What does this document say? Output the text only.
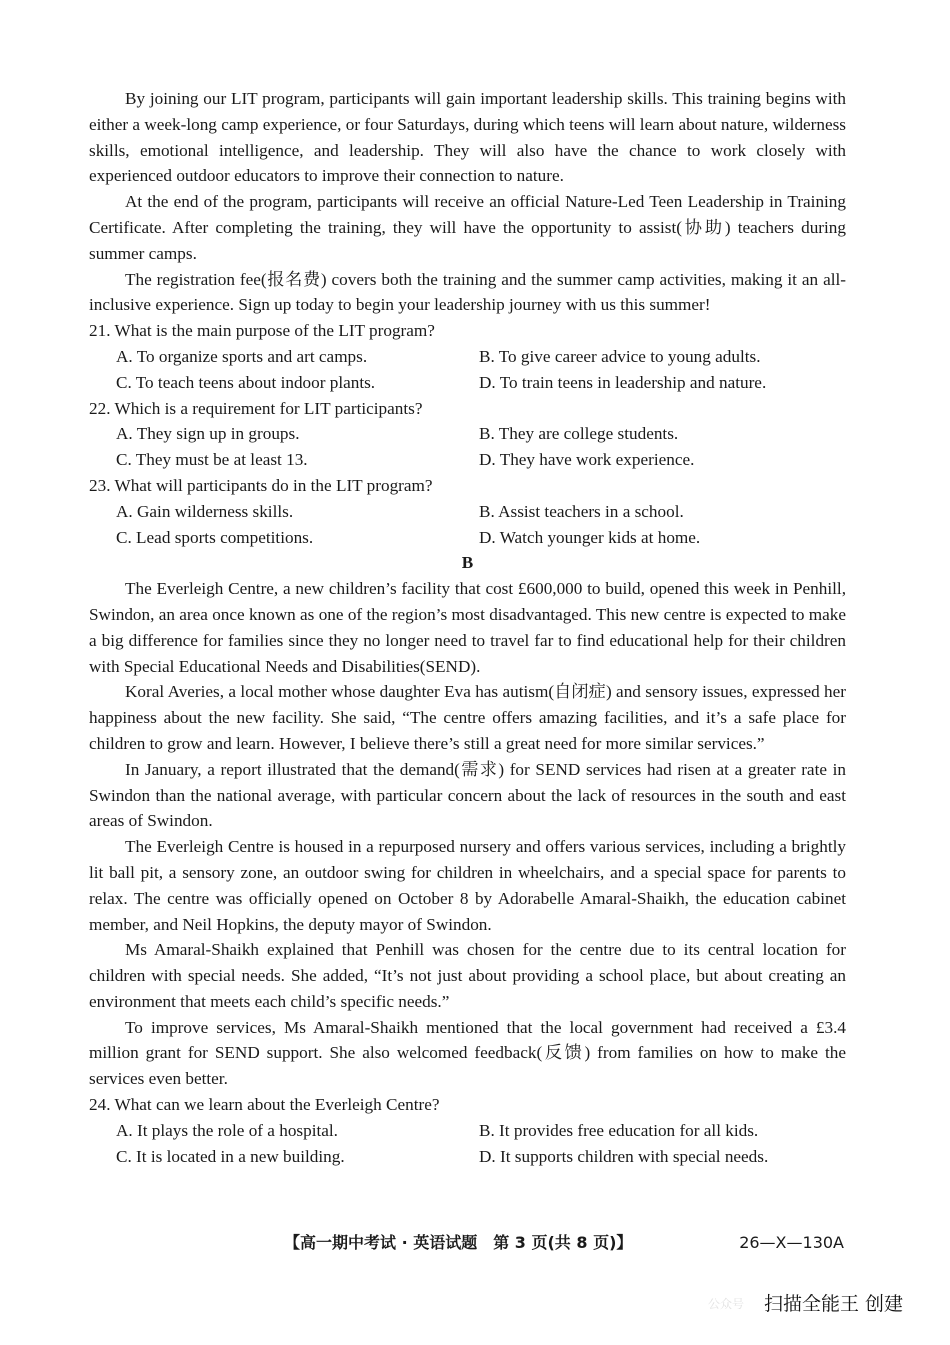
By joining our LIT program, participants will gain important leadership skills. This training begins with either a week-long camp experience, or four Saturdays, during which teens will learn about nature, wilderness skills, emotional intelligence, and leadership. They will also have the chance to work closely with experienced outdoor educators to improve their connection to nature.

At the end of the program, participants will receive an official Nature-Led Teen Leadership in Training Certificate. After completing the training, they will have the opportunity to assist(协助) teachers during summer camps.

The registration fee(报名费) covers both the training and the summer camp activities, making it an all-inclusive experience. Sign up today to begin your leadership journey with us this summer!

21. What is the main purpose of the LIT program?

A. To organize sports and art camps.	B. To give career advice to young adults.

C. To teach teens about indoor plants.	D. To train teens in leadership and nature.

22. Which is a requirement for LIT participants?

A. They sign up in groups.	B. They are college students.

C. They must be at least 13.	D. They have work experience.

23. What will participants do in the LIT program?

A. Gain wilderness skills.	B. Assist teachers in a school.

C. Lead sports competitions.	D. Watch younger kids at home.

B

The Everleigh Centre, a new children’s facility that cost £600,000 to build, opened this week in Penhill, Swindon, an area once known as one of the region’s most disadvantaged. This new centre is expected to make a big difference for families since they no longer need to travel far to find educational help for their children with Special Educational Needs and Disabilities(SEND).

Koral Averies, a local mother whose daughter Eva has autism(自闭症) and sensory issues, expressed her happiness about the new facility. She said, “The centre offers amazing facilities, and it’s a safe place for children to grow and learn. However, I believe there’s still a great need for more similar services.”

In January, a report illustrated that the demand(需求) for SEND services had risen at a greater rate in Swindon than the national average, with particular concern about the lack of resources in the south and east areas of Swindon.

The Everleigh Centre is housed in a repurposed nursery and offers various services, including a brightly lit ball pit, a sensory zone, an outdoor swing for children in wheelchairs, and a special space for parents to relax. The centre was officially opened on October 8 by Adorabelle Amaral-Shaikh, the education cabinet member, and Neil Hopkins, the deputy mayor of Swindon.

Ms Amaral-Shaikh explained that Penhill was chosen for the centre due to its central location for children with special needs. She added, “It’s not just about providing a school place, but about creating an environment that meets each child’s specific needs.”

To improve services, Ms Amaral-Shaikh mentioned that the local government had received a £3.4 million grant for SEND support. She also welcomed feedback(反馈) from families on how to make the services even better.

24. What can we learn about the Everleigh Centre?

A. It plays the role of a hospital.	B. It provides free education for all kids.

C. It is located in a new building.	D. It supports children with special needs.

【高一期中考试 · 英语试题　第 3 页(共 8 页)】	26—X—130A
公众号 扫描全能王 创建
